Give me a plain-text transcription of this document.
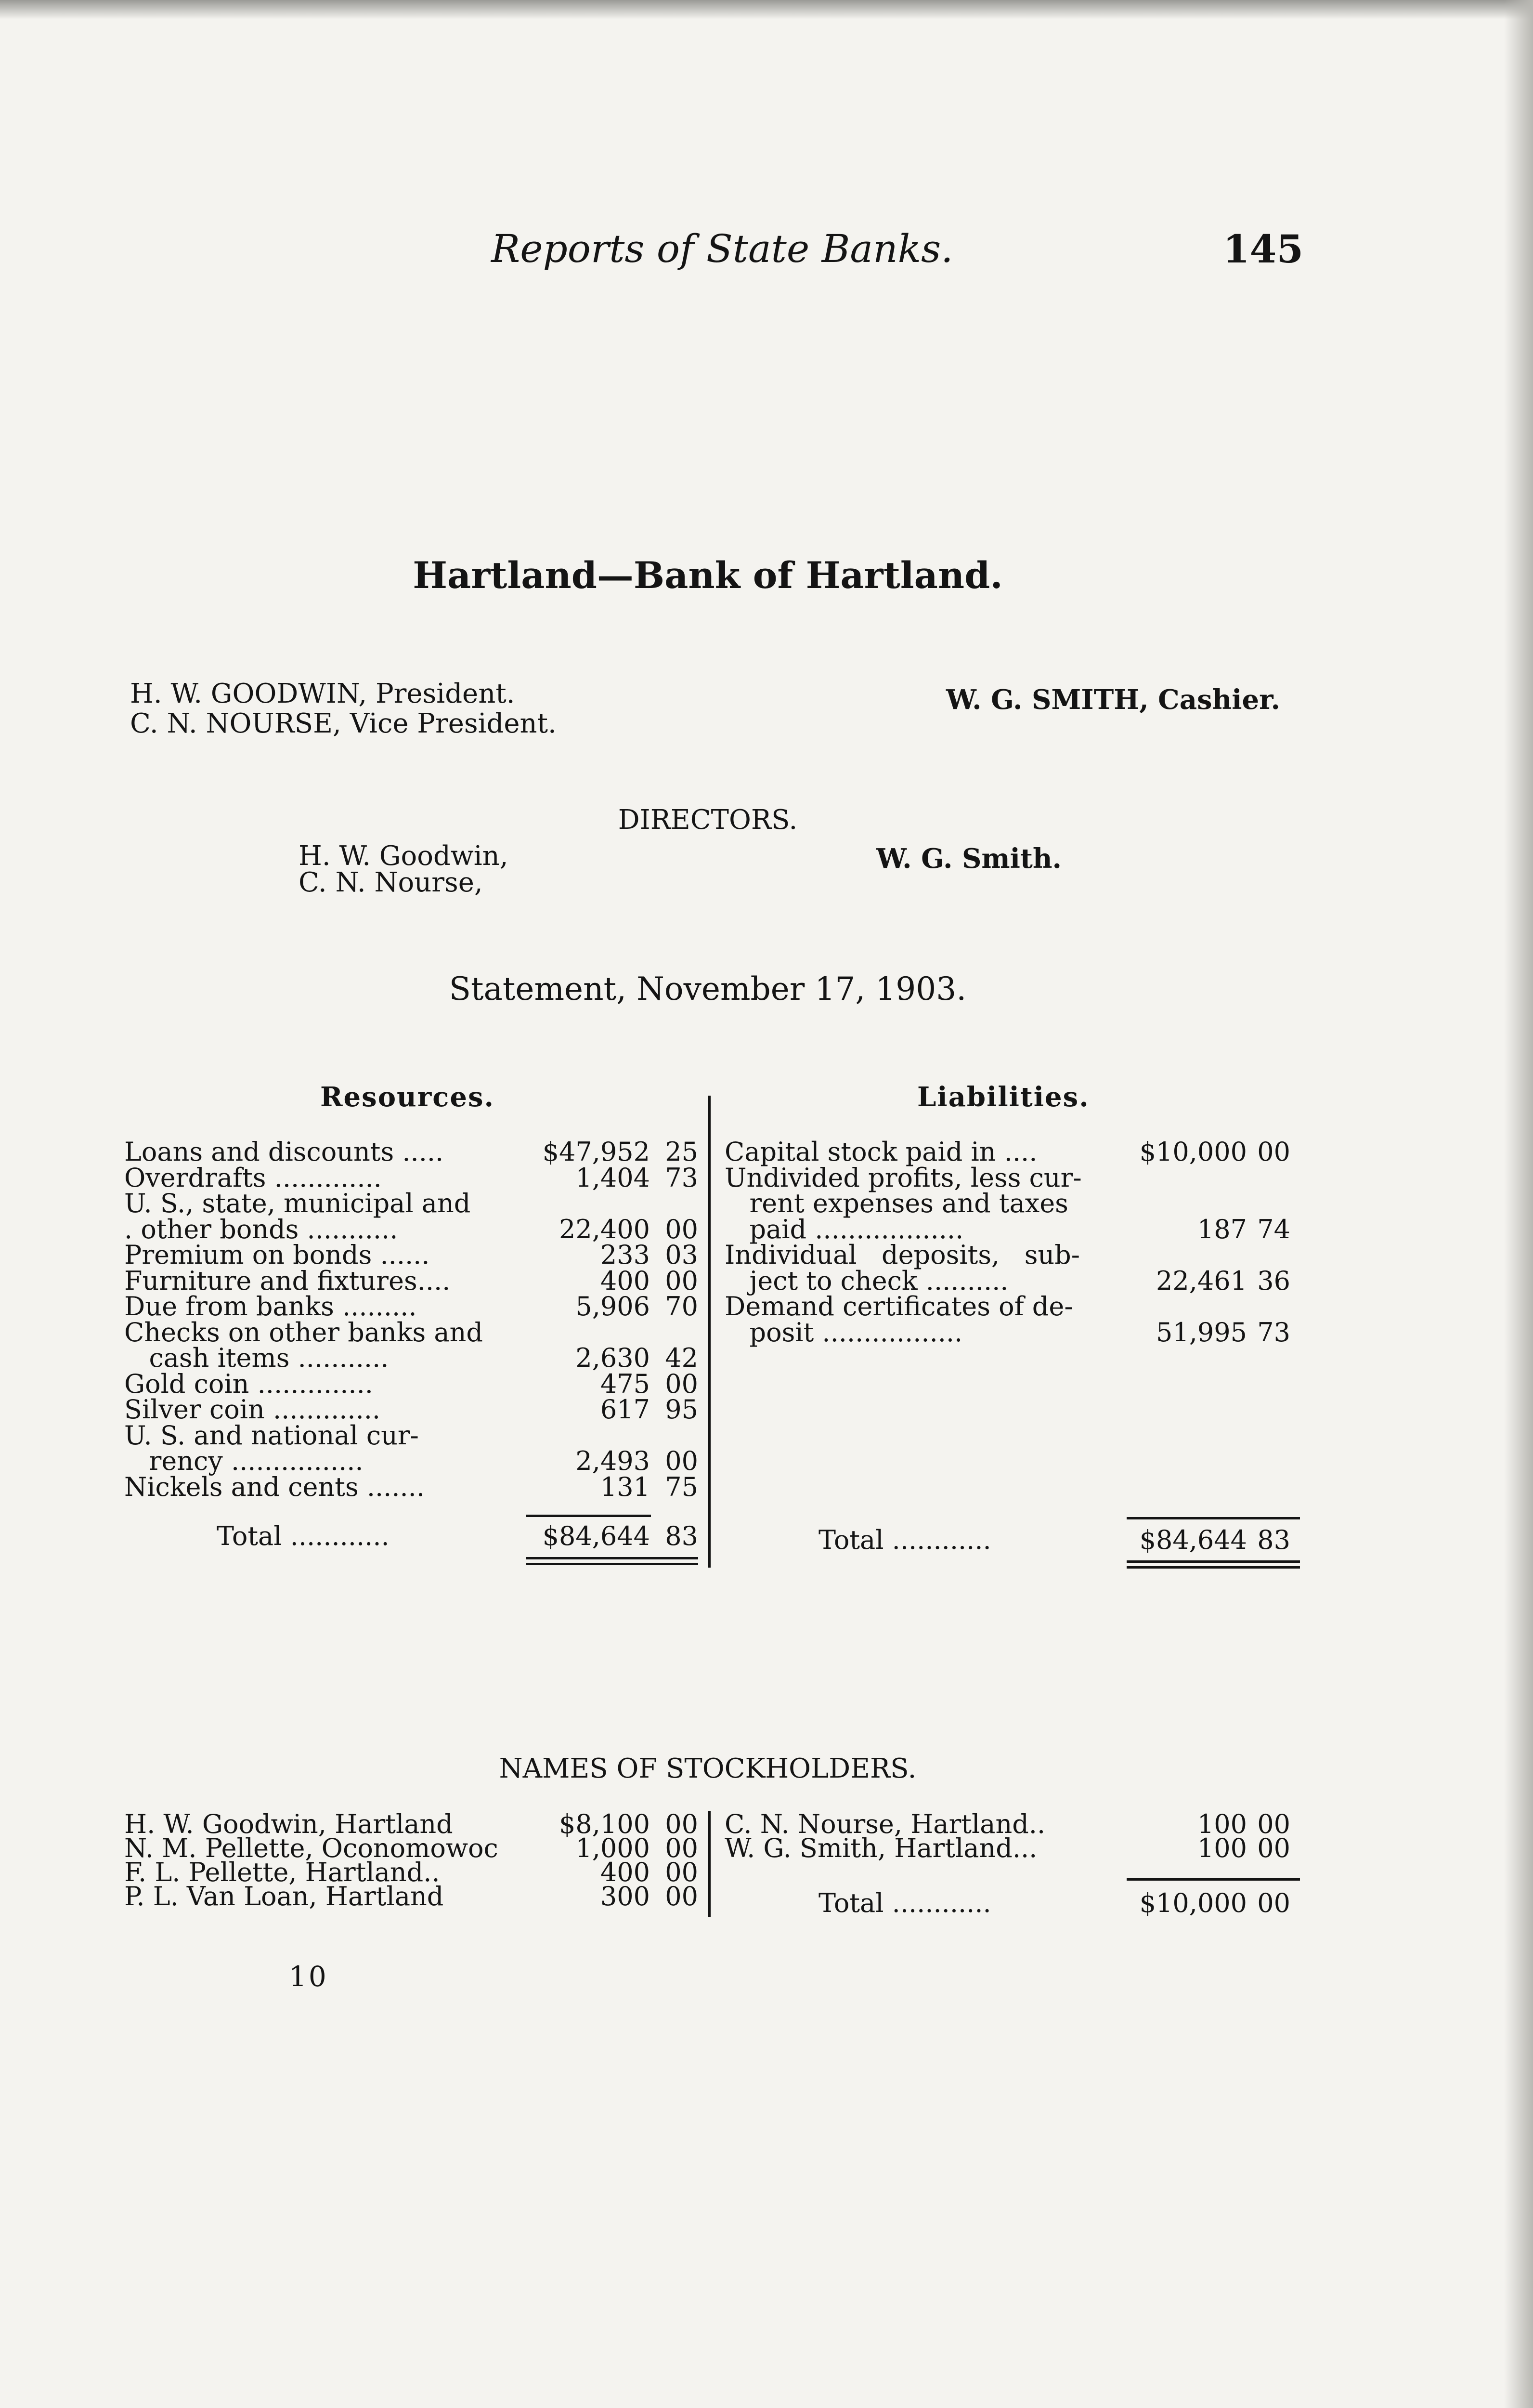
Reports of State Banks.	145
Hartland—Bank of Hartland.
H. W. GOODWIN, President.
C. N. NOURSE, Vice President.
W. G. SMITH, Cashier.
DIRECTORS.
H. W. Goodwin,
C. N. Nourse,
W. G. Smith.
Statement, November 17, 1903.
Resources.	Liabilities.
Loans and discounts .....	$47,952 25
Overdrafts .............	1,404 73
U. S., state, municipal and
. other bonds ...........	22,400 00
Premium on bonds ......	233 03
Furniture and fixtures....	400 00
Due from banks .........	5,906 70
Checks on other banks and
cash items ...........	2,630 42
Gold coin ..............	475 00
Silver coin .............	617 95
U. S. and national cur-
rency ................	2,493 00
Nickels and cents .......	131 75
Capital stock paid in ....	$10,000 00
Undivided profits, less cur-
rent expenses and taxes
paid ..................	187 74
Individual   deposits,   sub-
ject to check ..........	22,461 36
Demand certificates of de-
posit .................	51,995 73
Total ............	$84,644 83	Total ............	$84,644 83
NAMES OF STOCKHOLDERS.
H. W. Goodwin, Hartland	$8,100 00
N. M. Pellette, Oconomowoc	1,000 00
F. L. Pellette, Hartland..	400 00
P. L. Van Loan, Hartland	300 00
C. N. Nourse, Hartland..	100 00
W. G. Smith, Hartland...	100 00
Total ............	$10,000 00
10
